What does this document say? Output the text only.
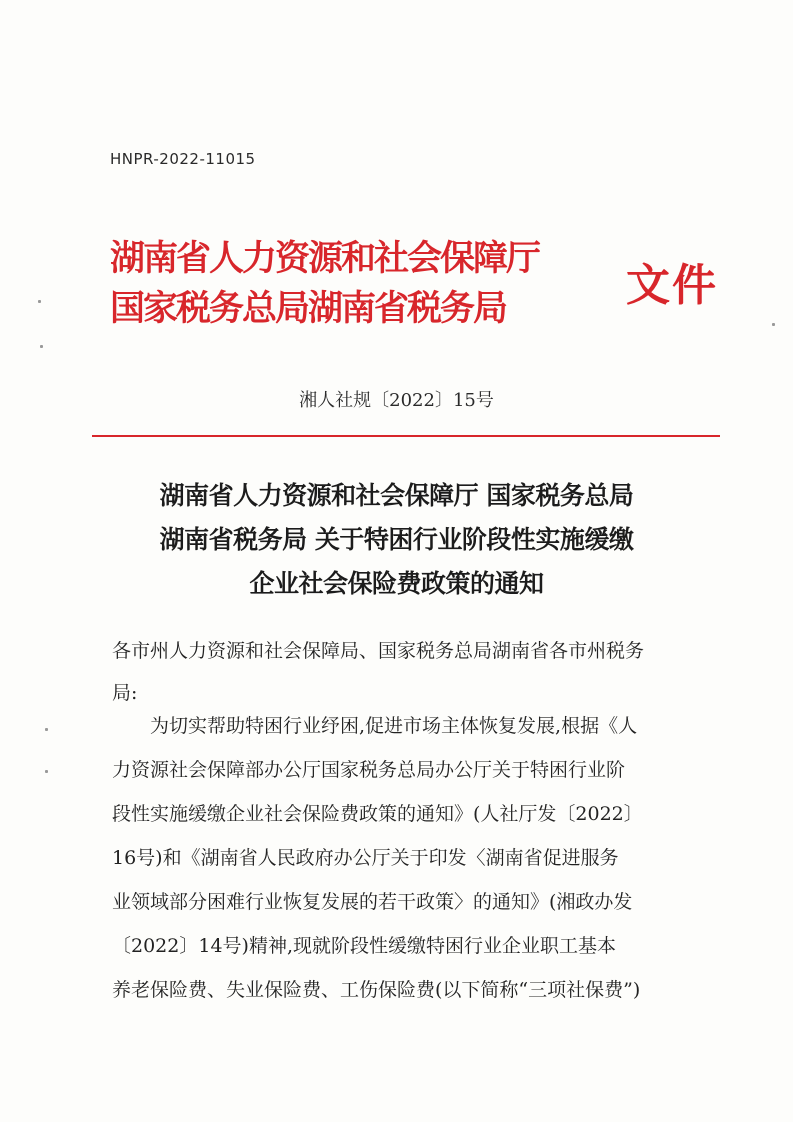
HNPR-2022-11015
湖南省人力资源和社会保障厅
国家税务总局湖南省税务局	文件
湘人社规〔2022〕15号
湖南省人力资源和社会保障厅 国家税务总局
湖南省税务局 关于特困行业阶段性实施缓缴
企业社会保险费政策的通知
各市州人力资源和社会保障局、国家税务总局湖南省各市州税务
局:
为切实帮助特困行业纾困,促进市场主体恢复发展,根据《人
力资源社会保障部办公厅国家税务总局办公厅关于特困行业阶
段性实施缓缴企业社会保险费政策的通知》(人社厅发〔2022〕
16号)和《湖南省人民政府办公厅关于印发〈湖南省促进服务
业领域部分困难行业恢复发展的若干政策〉的通知》(湘政办发
〔2022〕14号)精神,现就阶段性缓缴特困行业企业职工基本
养老保险费、失业保险费、工伤保险费(以下简称“三项社保费”)
